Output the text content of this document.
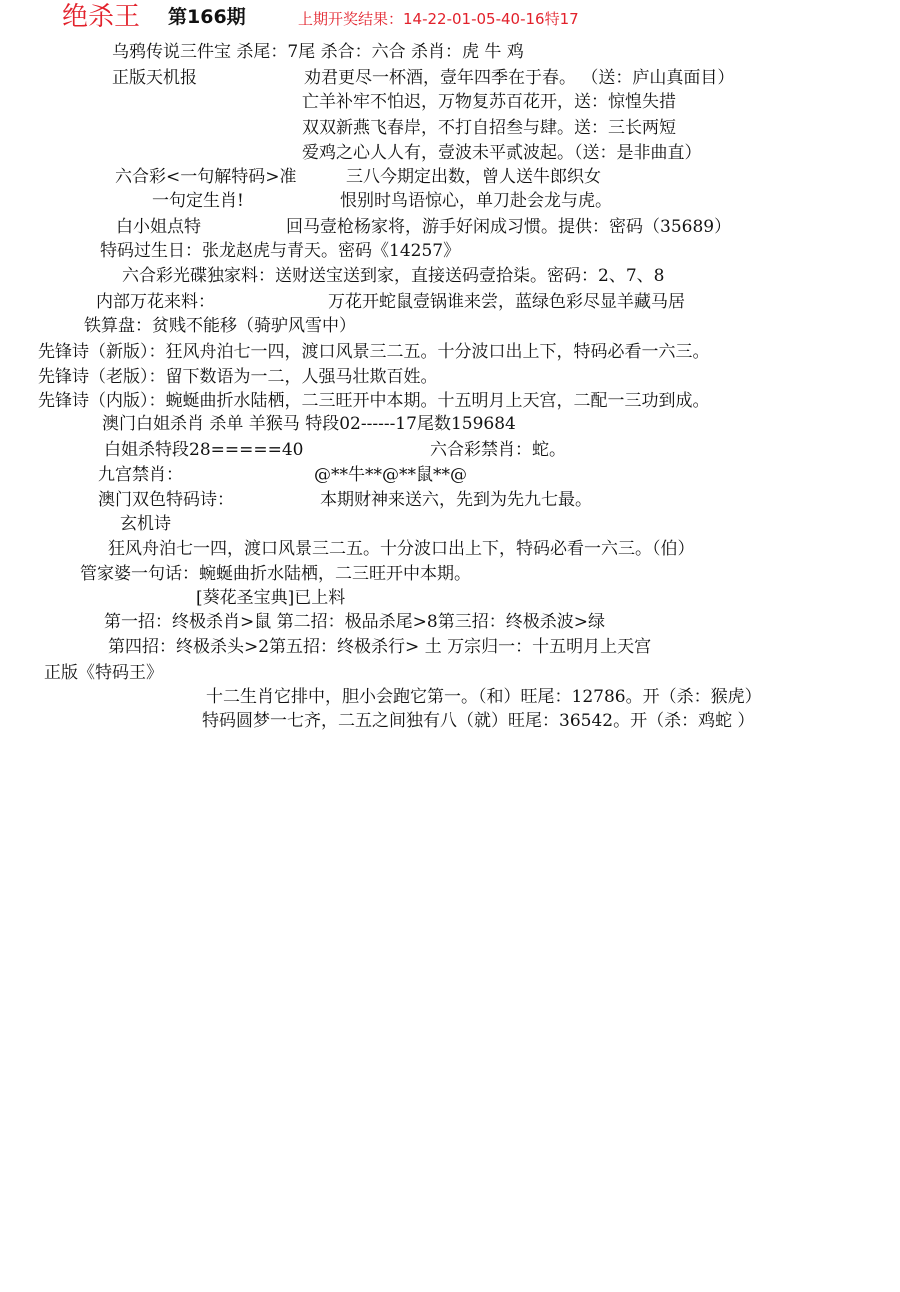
绝杀王 第166期	上期开奖结果：14-22-01-05-40-16特17
乌鸦传说三件宝 杀尾：7尾 杀合：六合 杀肖：虎 牛 鸡
正版天机报	劝君更尽一杯酒，壹年四季在于春。 （送：庐山真面目）
亡羊补牢不怕迟，万物复苏百花开，送：惊惶失措
双双新燕飞春岸，不打自招叁与肆。送：三长两短
爱鸡之心人人有，壹波未平贰波起。（送：是非曲直）
六合彩<一句解特码>准	三八今期定出数，曾人送牛郎织女
一句定生肖!	恨别时鸟语惊心，单刀赴会龙与虎。
白小姐点特	回马壹枪杨家将，游手好闲成习惯。提供：密码（35689）
特码过生日：张龙赵虎与青天。密码《14257》
六合彩光碟独家料：送财送宝送到家，直接送码壹拾柒。密码：2、7、8
内部万花来料：	万花开蛇鼠壹锅谁来尝，蓝绿色彩尽显羊藏马居
铁算盘：贫贱不能移（骑驴风雪中）
先锋诗（新版）：狂风舟泊七一四，渡口风景三二五。十分波口出上下，特码必看一六三。
先锋诗（老版）：留下数语为一二，人强马壮欺百姓。
先锋诗（内版）：蜿蜒曲折水陆栖，二三旺开中本期。十五明月上天宫，二配一三功到成。
澳门白姐杀肖 杀单 羊猴马 特段02------17尾数159684
白姐杀特段28=====40	六合彩禁肖：蛇。
九宫禁肖：	@**牛**@**鼠**@
澳门双色特码诗：	本期财神来送六，先到为先九七最。
玄机诗
狂风舟泊七一四，渡口风景三二五。十分波口出上下，特码必看一六三。（伯）
管家婆一句话：蜿蜒曲折水陆栖，二三旺开中本期。
[葵花圣宝典]已上料
第一招：终极杀肖>鼠 第二招：极品杀尾>8第三招：终极杀波>绿
第四招：终极杀头>2第五招：终极杀行> 土 万宗归一：十五明月上天宫
正版《特码王》
十二生肖它排中，胆小会跑它第一。（和）旺尾：12786。开（杀：猴虎）
特码圆梦一七齐，二五之间独有八（就）旺尾：36542。开（杀：鸡蛇 ）
